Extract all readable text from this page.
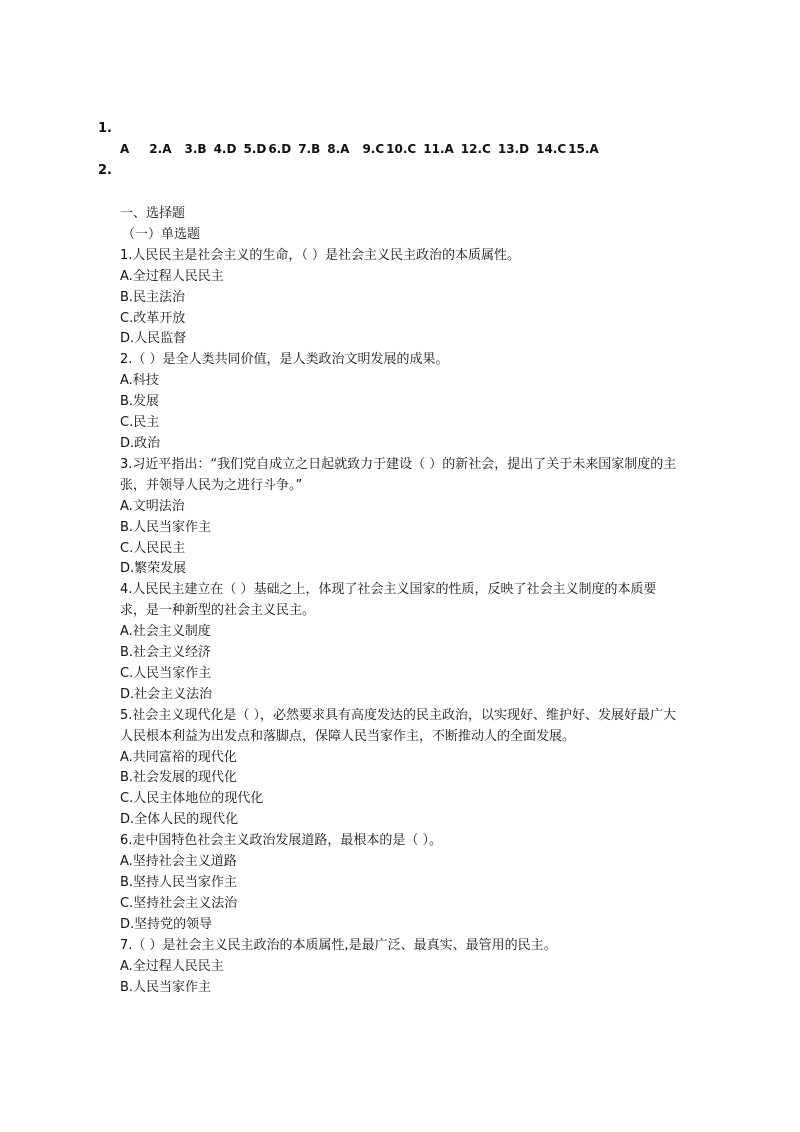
1.
A 2.A 3.B 4.D 5.D 6.D 7.B 8.A 9.C 10.C 11.A 12.C 13.D 14.C 15.A
2.
一、选择题
（一）单选题
1.人民民主是社会主义的生命，（ ）是社会主义民主政治的本质属性。
A.全过程人民民主
B.民主法治
C.改革开放
D.人民监督
2.（ ）是全人类共同价值，是人类政治文明发展的成果。
A.科技
B.发展
C.民主
D.政治
3.习近平指出：“我们党自成立之日起就致力于建设（ ）的新社会，提出了关于未来国家制度的主张，并领导人民为之进行斗争。”
A.文明法治
B.人民当家作主
C.人民民主
D.繁荣发展
4.人民民主建立在（ ）基础之上，体现了社会主义国家的性质，反映了社会主义制度的本质要求，是一种新型的社会主义民主。
A.社会主义制度
B.社会主义经济
C.人民当家作主
D.社会主义法治
5.社会主义现代化是（ ），必然要求具有高度发达的民主政治，以实现好、维护好、发展好最广大人民根本利益为出发点和落脚点，保障人民当家作主，不断推动人的全面发展。
A.共同富裕的现代化
B.社会发展的现代化
C.人民主体地位的现代化
D.全体人民的现代化
6.走中国特色社会主义政治发展道路，最根本的是（ ）。
A.坚持社会主义道路
B.坚持人民当家作主
C.坚持社会主义法治
D.坚持党的领导
7.（ ）是社会主义民主政治的本质属性,是最广泛、最真实、最管用的民主。
A.全过程人民民主
B.人民当家作主
